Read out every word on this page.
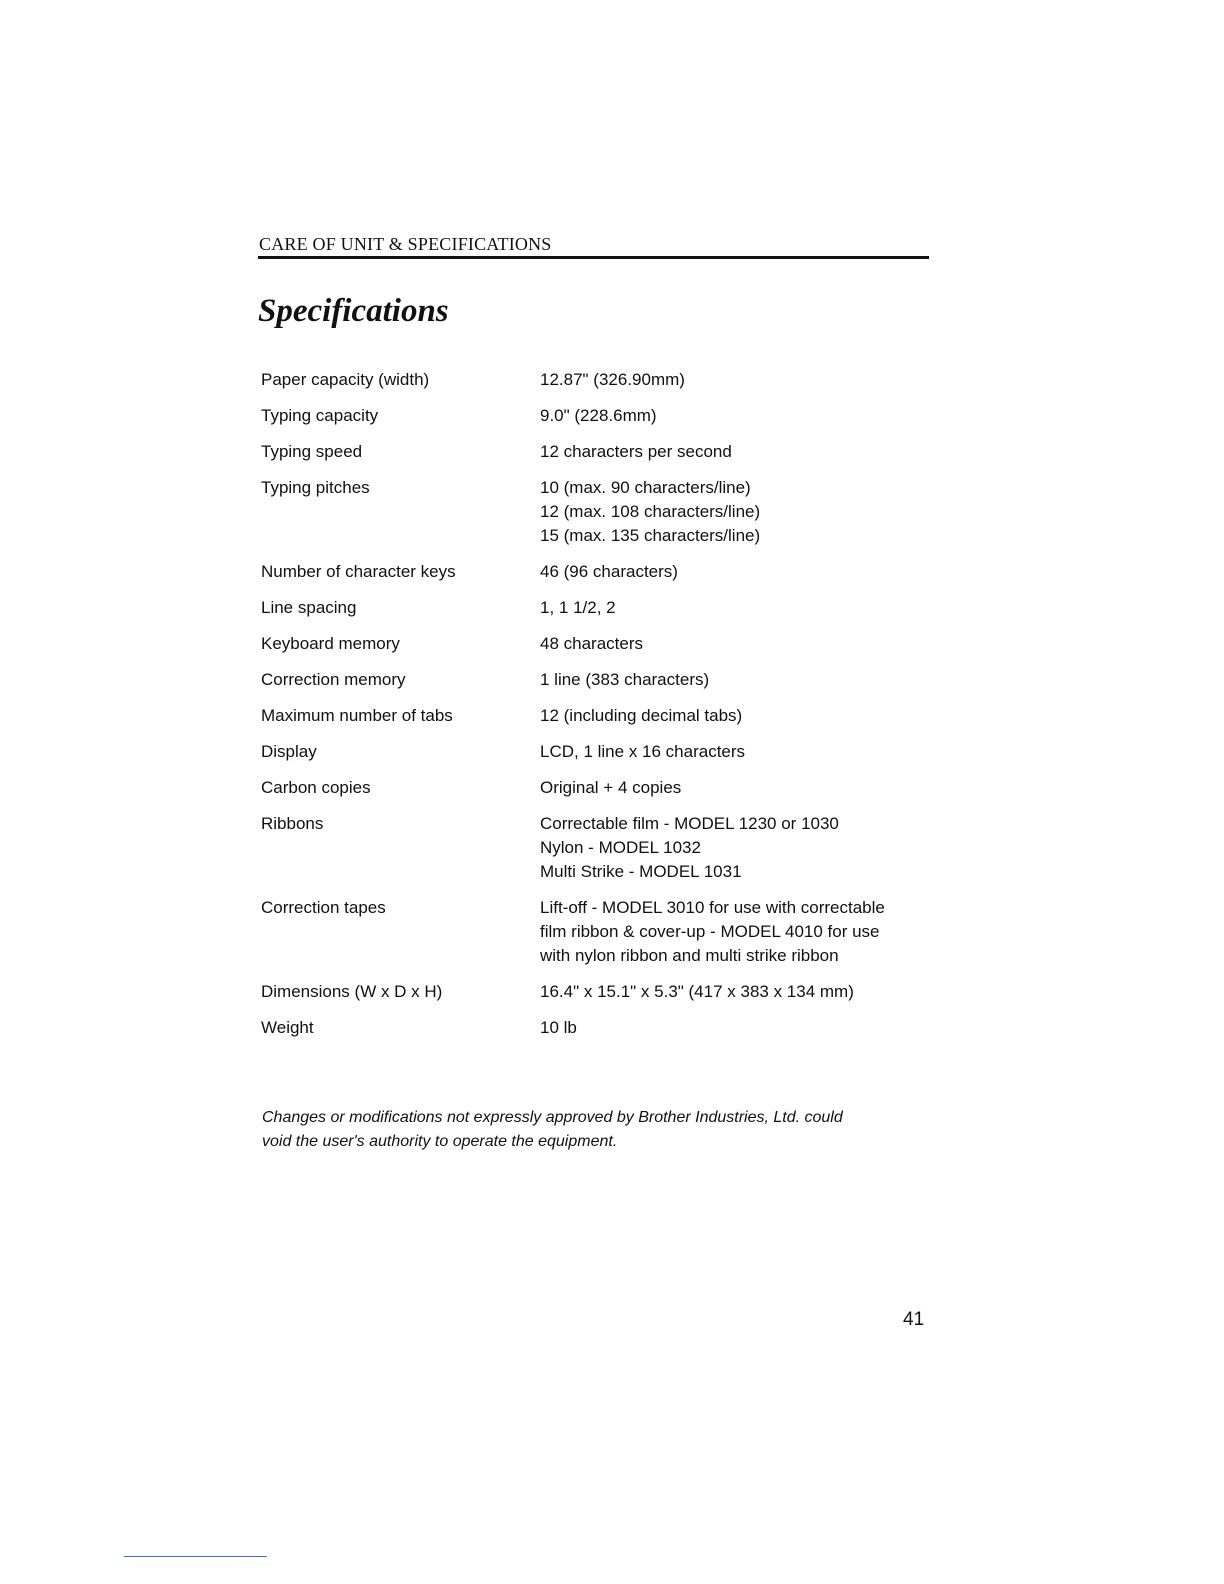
CARE OF UNIT & SPECIFICATIONS
Specifications
Paper capacity (width)	12.87" (326.90mm)
Typing capacity	9.0" (228.6mm)
Typing speed	12 characters per second
Typing pitches	10 (max. 90 characters/line)
12 (max. 108 characters/line)
15 (max. 135 characters/line)
Number of character keys	46 (96 characters)
Line spacing	1, 1 1/2, 2
Keyboard memory	48 characters
Correction memory	1 line (383 characters)
Maximum number of tabs	12 (including decimal tabs)
Display	LCD, 1 line x 16 characters
Carbon copies	Original + 4 copies
Ribbons	Correctable film - MODEL 1230 or 1030
Nylon - MODEL 1032
Multi Strike - MODEL 1031
Correction tapes	Lift-off - MODEL 3010 for use with correctable
film ribbon & cover-up - MODEL 4010 for use
with nylon ribbon and multi strike ribbon
Dimensions (W x D x H)	16.4" x 15.1" x 5.3" (417 x 383 x 134 mm)
Weight	10 lb
Changes or modifications not expressly approved by Brother Industries, Ltd. could
void the user's authority to operate the equipment.
41
